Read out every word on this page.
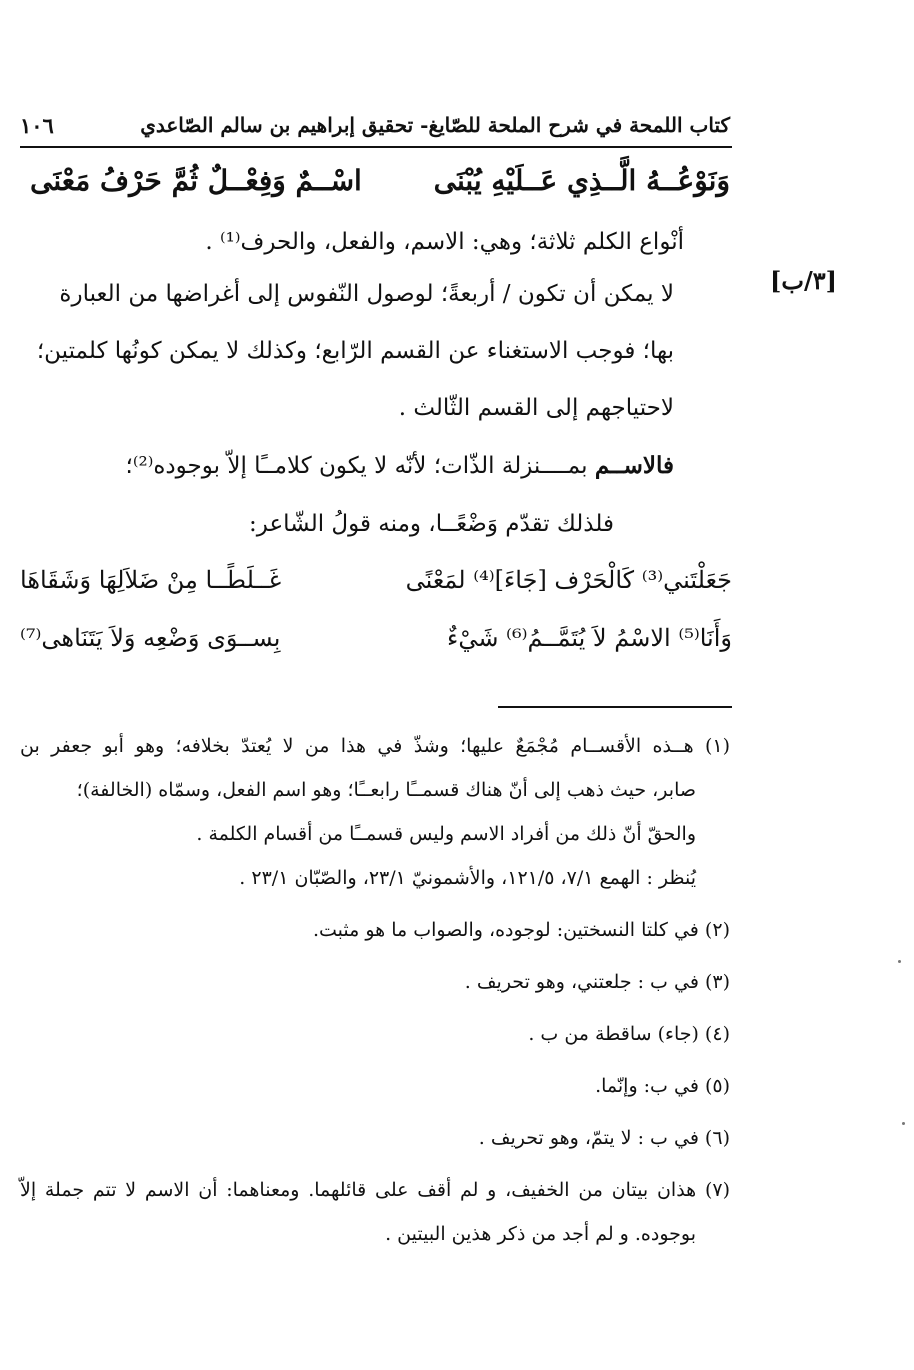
كتاب اللمحة في شرح الملحة للصّايغ- تحقيق إبراهيم بن سالم الصّاعدي
١٠٦
وَنَوْعُــهُ الَّــذِي عَــلَيْهِ يُبْنَى
اسْــمٌ وَفِعْــلٌ ثُمَّ حَرْفُ مَعْنَى
أنْواع الكلم ثلاثة؛ وهي: الاسم، والفعل، والحرف⁽¹⁾ .
[٣/ب]
لا يمكن أن تكون / أربعةً؛ لوصول النّفوس إلى أغراضها من العبارة
بها؛ فوجب الاستغناء عن القسم الرّابع؛ وكذلك لا يمكن كونُها كلمتين؛
لاحتياجهم إلى القسم الثّالث .
فالاســم بمــــنزلة الذّات؛ لأنّه لا يكون كلامــًا إلاّ بوجوده⁽²⁾؛
فلذلك تقدّم وَضْعًــا، ومنه قولُ الشّاعر:
جَعَلْتَني⁽³⁾ كَالْحَرْف [جَاءَ]⁽⁴⁾ لمَعْنًى
غَــلَطًــا مِنْ ضَلاَلِهَا وَشَقَاهَا
وَأَنَا⁽⁵⁾ الاسْمُ لاَ يُتَمَّــمُ⁽⁶⁾ شَيْءٌ
بِســوَى وَضْعِه وَلاَ يَتَنَاهى⁽⁷⁾
(١) هــذه الأقســام مُجْمَعٌ عليها؛ وشذّ في هذا من لا يُعتدّ بخلافه؛ وهو أبو جعفر بن
صابر، حيث ذهب إلى أنّ هناك قسمــًا رابعــًا؛ وهو اسم الفعل، وسمّاه (الخالفة)؛
والحقّ أنّ ذلك من أفراد الاسم وليس قسمــًا من أقسام الكلمة .
يُنظر : الهمع ٧/١، ١٢١/٥، والأشمونيّ ٢٣/١، والصّبّان ٢٣/١ .
(٢) في كلتا النسختين: لوجوده، والصواب ما هو مثبت.
(٣) في ب : جلعتني، وهو تحريف .
(٤) (جاء) ساقطة من ب .
(٥) في ب: وإنّما.
(٦) في ب : لا يتمّ، وهو تحريف .
(٧) هذان بيتان من الخفيف، و لم أقف على قائلهما. ومعناهما: أن الاسم لا تتم جملة إلاّ
بوجوده. و لم أجد من ذكر هذين البيتين .
